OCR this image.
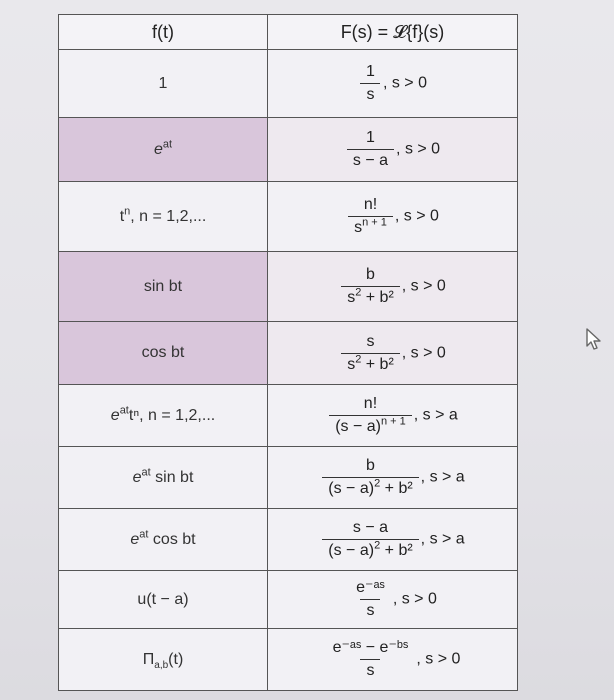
f(t)	F(s) = 𝓛{f}(s)
1	$\frac{1}{s}$ , s > 0
$e^{at}$	$\frac{1}{s - a}$ , s > 0
$t^n$, n = 1,2,...	$\frac{n!}{s^{n + 1}}$ , s > 0
sin bt	$\frac{b}{s^2 + b^2}$ , s > 0
cos bt	$\frac{s}{s^2 + b^2}$ , s > 0
$e^{at}t^n$, n = 1,2,...	$\frac{n!}{(s - a)^{n + 1}}$ , s > a
$e^{at}$ sin bt	$\frac{b}{(s - a)^2 + b^2}$ , s > a
$e^{at}$ cos bt	$\frac{s - a}{(s - a)^2 + b^2}$ , s > a
u(t − a)	$\frac{\text{e⁻ᵃˢ}}{s}$ , s > 0
$\Pi_{a,b}(t)$	$\frac{\text{e⁻ᵃˢ − e⁻ᵇˢ}}{s}$ , s > 0
